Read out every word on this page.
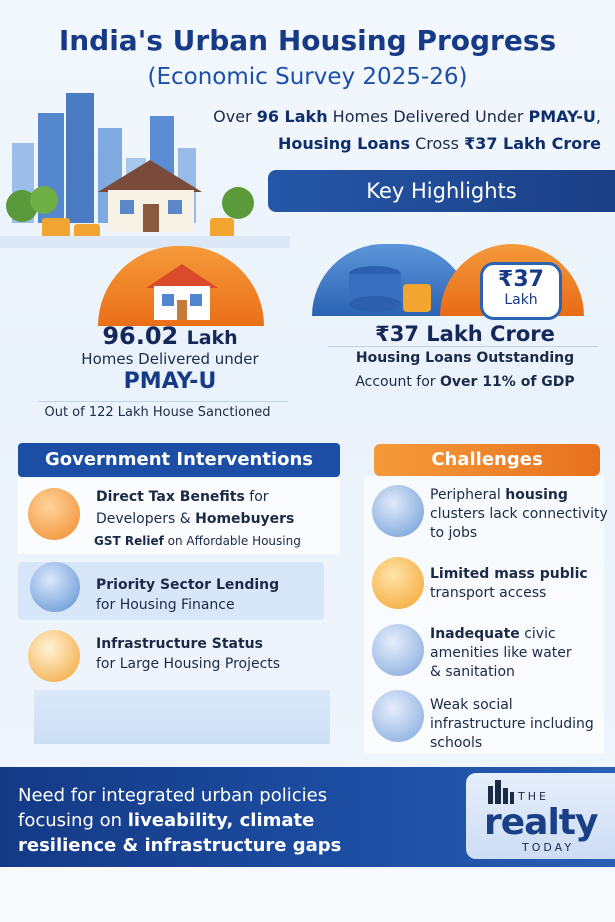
India's Urban Housing Progress
(Economic Survey 2025-26)
Over 96 Lakh Homes Delivered Under PMAY-U,
Housing Loans Cross ₹37 Lakh Crore
Key Highlights
96.02 Lakh
Homes Delivered under
PMAY-U
Out of 122 Lakh House Sanctioned
₹37
Lakh
₹37 Lakh Crore
Housing Loans Outstanding
Account for Over 11% of GDP
Government Interventions
Direct Tax Benefits for
Developers & Homebuyers
GST Relief on Affordable Housing
Priority Sector Lending
for Housing Finance
Infrastructure Status
for Large Housing Projects
Challenges
Peripheral housing
clusters lack connectivity
to jobs
Limited mass public
transport access
Inadequate civic
amenities like water
& sanitation
Weak social
infrastructure including
schools
Need for integrated urban policies
focusing on liveability, climate
resilience & infrastructure gaps
THE
realty
TODAY
